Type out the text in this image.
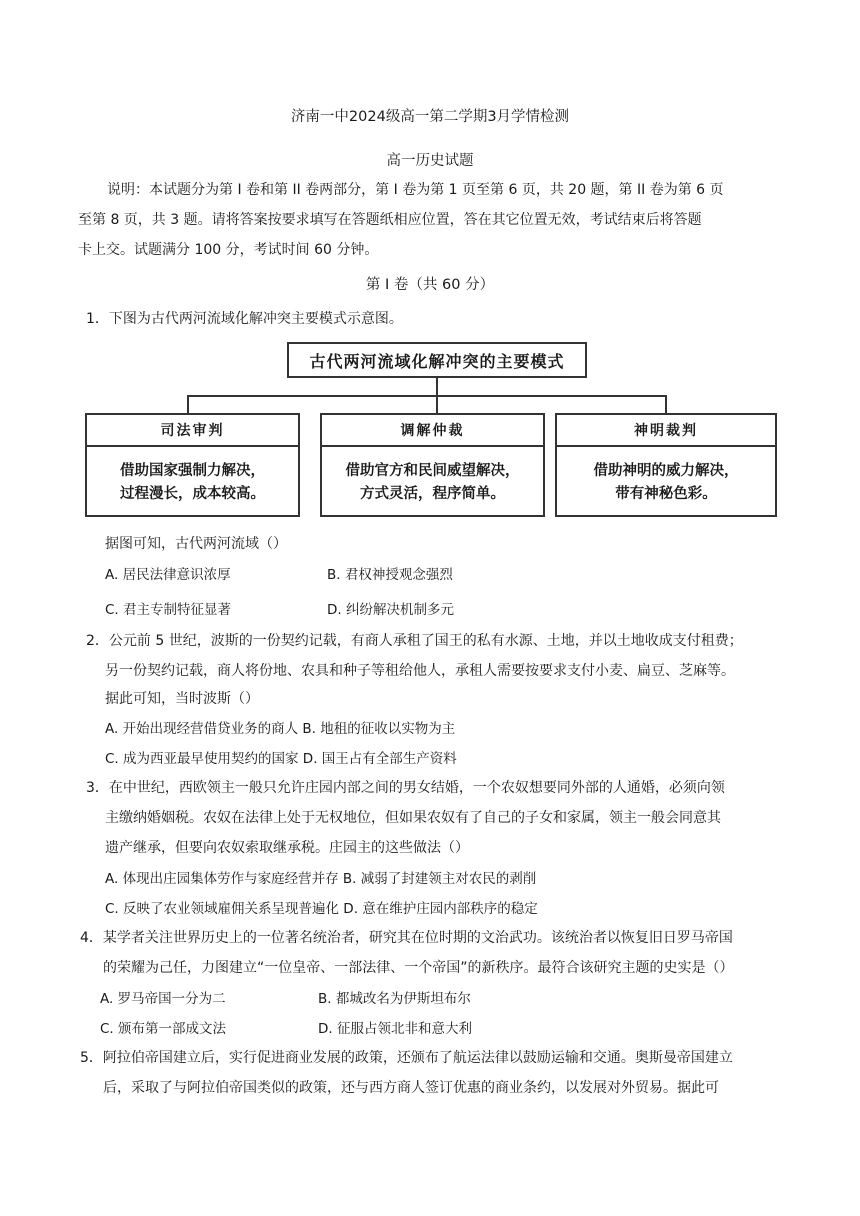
济南一中2024级高一第二学期3月学情检测
高一历史试题
说明：本试题分为第 I 卷和第 II 卷两部分，第 I 卷为第 1 页至第 6 页，共 20 题，第 II 卷为第 6 页
至第 8 页，共 3 题。请将答案按要求填写在答题纸相应位置，答在其它位置无效，考试结束后将答题
卡上交。试题满分 100 分，考试时间 60 分钟。
第 I 卷（共 60 分）
1．下图为古代两河流域化解冲突主要模式示意图。
古代两河流域化解冲突的主要模式
司法审判
借助国家强制力解决，
过程漫长，成本较高。
调解仲裁
借助官方和民间威望解决，
方式灵活，程序简单。
神明裁判
借助神明的威力解决，
带有神秘色彩。
据图可知，古代两河流域（）
A. 居民法律意识浓厚	B. 君权神授观念强烈
C. 君主专制特征显著	D. 纠纷解决机制多元
2．公元前 5 世纪，波斯的一份契约记载，有商人承租了国王的私有水源、土地，并以土地收成支付租费；
另一份契约记载，商人将份地、农具和种子等租给他人，承租人需要按要求支付小麦、扁豆、芝麻等。
据此可知，当时波斯（）
A. 开始出现经营借贷业务的商人 B. 地租的征收以实物为主
C. 成为西亚最早使用契约的国家 D. 国王占有全部生产资料
3．在中世纪，西欧领主一般只允许庄园内部之间的男女结婚，一个农奴想要同外部的人通婚，必须向领
主缴纳婚姻税。农奴在法律上处于无权地位，但如果农奴有了自己的子女和家属，领主一般会同意其
遗产继承，但要向农奴索取继承税。庄园主的这些做法（）
A. 体现出庄园集体劳作与家庭经营并存 B. 减弱了封建领主对农民的剥削
C. 反映了农业领域雇佣关系呈现普遍化 D. 意在维护庄园内部秩序的稳定
4．某学者关注世界历史上的一位著名统治者，研究其在位时期的文治武功。该统治者以恢复旧日罗马帝国
的荣耀为己任，力图建立“一位皇帝、一部法律、一个帝国”的新秩序。最符合该研究主题的史实是（）
A. 罗马帝国一分为二	B. 都城改名为伊斯坦布尔
C. 颁布第一部成文法	D. 征服占领北非和意大利
5．阿拉伯帝国建立后，实行促进商业发展的政策，还颁布了航运法律以鼓励运输和交通。奥斯曼帝国建立
后，采取了与阿拉伯帝国类似的政策，还与西方商人签订优惠的商业条约，以发展对外贸易。据此可
